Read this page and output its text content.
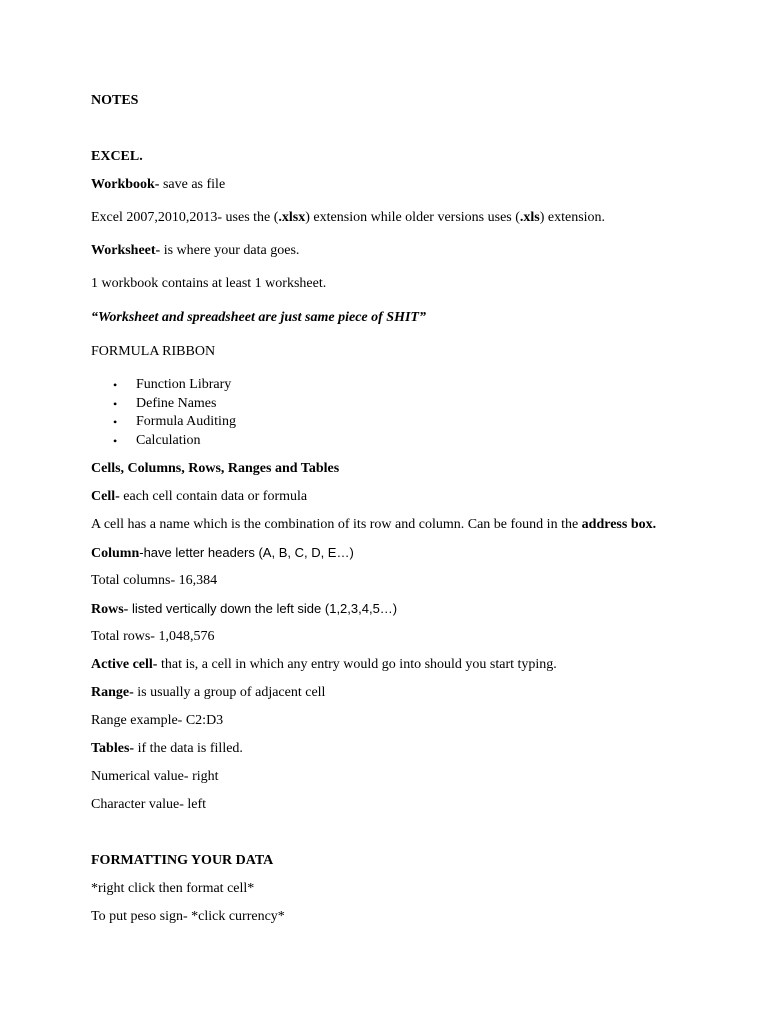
NOTES
EXCEL.
Workbook- save as file
Excel 2007,2010,2013- uses the (.xlsx) extension while older versions uses (.xls) extension.
Worksheet- is where your data goes.
1 workbook contains at least 1 worksheet.
“Worksheet and spreadsheet are just same piece of SHIT”
FORMULA RIBBON
• Function Library
• Define Names
• Formula Auditing
• Calculation
Cells, Columns, Rows, Ranges and Tables
Cell- each cell contain data or formula
A cell has a name which is the combination of its row and column. Can be found in the address box.
Column-have letter headers (A, B, C, D, E…)
Total columns- 16,384
Rows- listed vertically down the left side (1,2,3,4,5…)
Total rows- 1,048,576
Active cell- that is, a cell in which any entry would go into should you start typing.
Range- is usually a group of adjacent cell
Range example- C2:D3
Tables- if the data is filled.
Numerical value- right
Character value- left
FORMATTING YOUR DATA
*right click then format cell*
To put peso sign- *click currency*
